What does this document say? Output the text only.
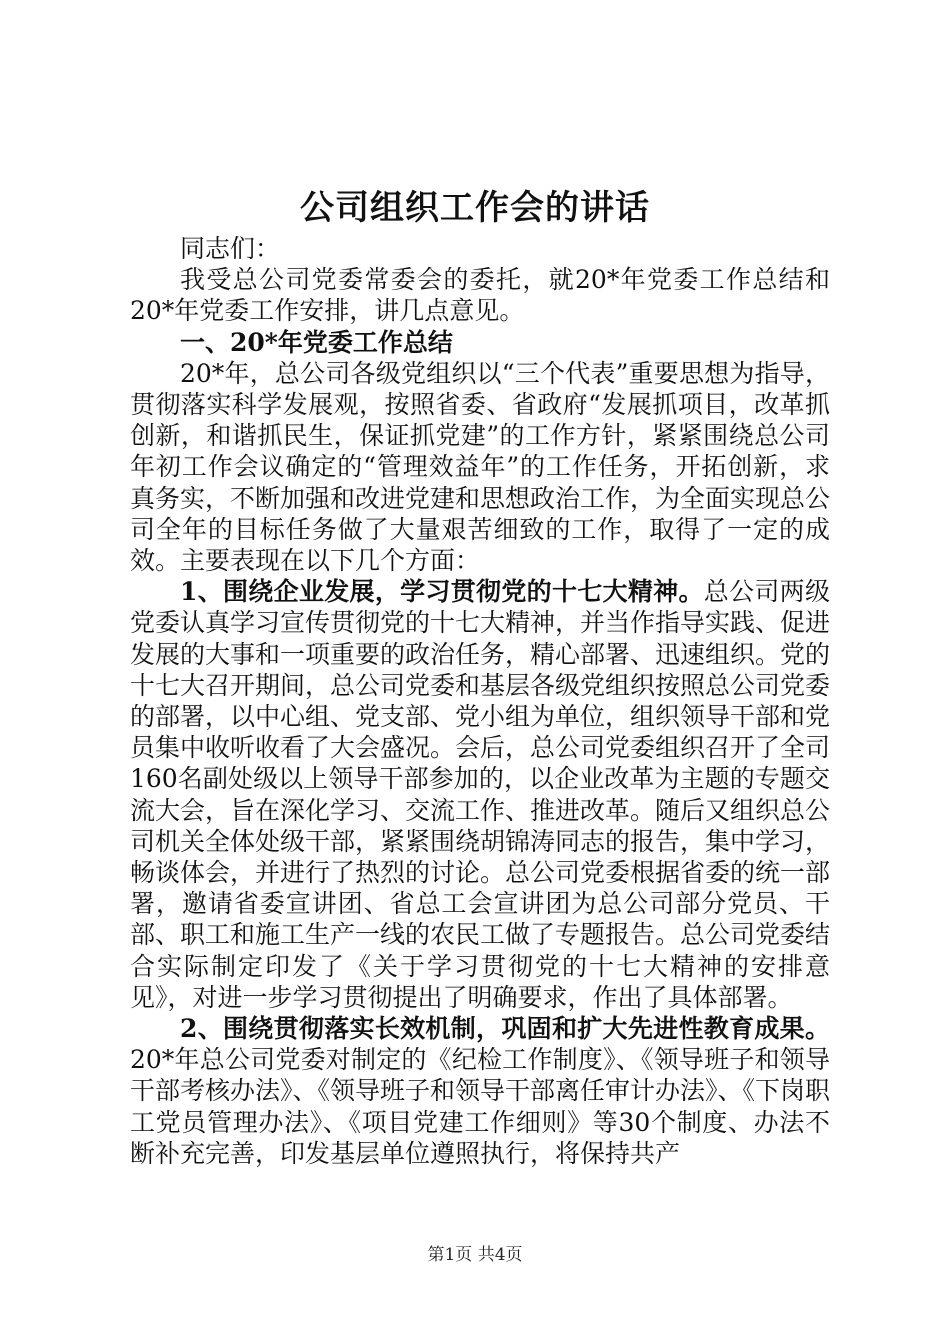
公司组织工作会的讲话

同志们：

我受总公司党委常委会的委托，就20*年党委工作总结和20*年党委工作安排，讲几点意见。

一、20*年党委工作总结

20*年，总公司各级党组织以“三个代表”重要思想为指导，贯彻落实科学发展观，按照省委、省政府“发展抓项目，改革抓创新，和谐抓民生，保证抓党建”的工作方针，紧紧围绕总公司年初工作会议确定的“管理效益年”的工作任务，开拓创新，求真务实，不断加强和改进党建和思想政治工作，为全面实现总公司全年的目标任务做了大量艰苦细致的工作，取得了一定的成效。主要表现在以下几个方面：

1、围绕企业发展，学习贯彻党的十七大精神。总公司两级党委认真学习宣传贯彻党的十七大精神，并当作指导实践、促进发展的大事和一项重要的政治任务，精心部署、迅速组织。党的十七大召开期间，总公司党委和基层各级党组织按照总公司党委的部署，以中心组、党支部、党小组为单位，组织领导干部和党员集中收听收看了大会盛况。会后，总公司党委组织召开了全司160名副处级以上领导干部参加的，以企业改革为主题的专题交流大会，旨在深化学习、交流工作、推进改革。随后又组织总公司机关全体处级干部，紧紧围绕胡锦涛同志的报告，集中学习，畅谈体会，并进行了热烈的讨论。总公司党委根据省委的统一部署，邀请省委宣讲团、省总工会宣讲团为总公司部分党员、干部、职工和施工生产一线的农民工做了专题报告。总公司党委结合实际制定印发了《关于学习贯彻党的十七大精神的安排意见》，对进一步学习贯彻提出了明确要求，作出了具体部署。

2、围绕贯彻落实长效机制，巩固和扩大先进性教育成果。20*年总公司党委对制定的《纪检工作制度》、《领导班子和领导干部考核办法》、《领导班子和领导干部离任审计办法》、《下岗职工党员管理办法》、《项目党建工作细则》等30个制度、办法不断补充完善，印发基层单位遵照执行，将保持共产

第1页 共4页
